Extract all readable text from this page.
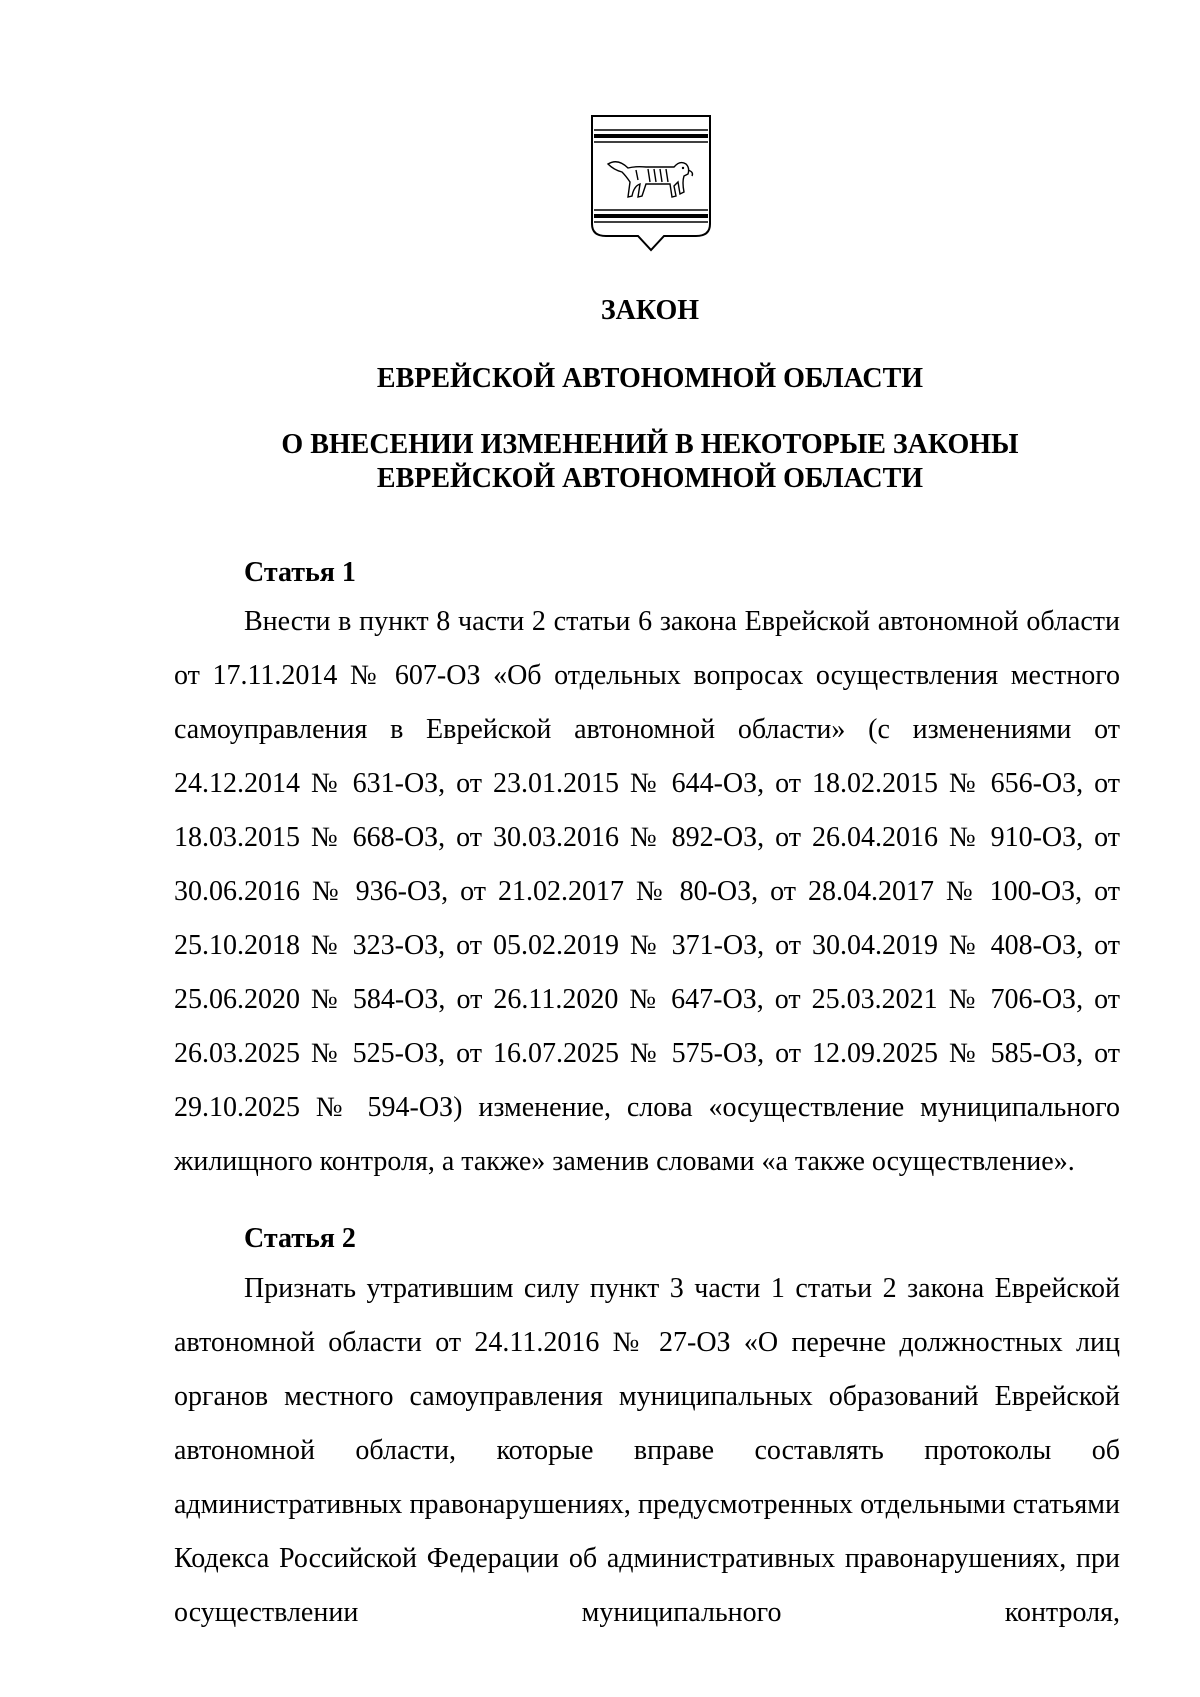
ЗАКОН
ЕВРЕЙСКОЙ АВТОНОМНОЙ ОБЛАСТИ
О ВНЕСЕНИИ ИЗМЕНЕНИЙ В НЕКОТОРЫЕ ЗАКОНЫ
ЕВРЕЙСКОЙ АВТОНОМНОЙ ОБЛАСТИ
Статья 1

Внести в пункт 8 части 2 статьи 6 закона Еврейской автономной области от 17.11.2014 № 607-ОЗ «Об отдельных вопросах осуществления местного самоуправления в Еврейской автономной области» (с изменениями от 24.12.2014 № 631-ОЗ, от 23.01.2015 № 644-ОЗ, от 18.02.2015 № 656-ОЗ, от 18.03.2015 № 668-ОЗ, от 30.03.2016 № 892-ОЗ, от 26.04.2016 № 910-ОЗ, от 30.06.2016 № 936-ОЗ, от 21.02.2017 № 80-ОЗ, от 28.04.2017 № 100-ОЗ, от 25.10.2018 № 323-ОЗ, от 05.02.2019 № 371-ОЗ, от 30.04.2019 № 408-ОЗ, от 25.06.2020 № 584-ОЗ, от 26.11.2020 № 647-ОЗ, от 25.03.2021 № 706-ОЗ, от 26.03.2025 № 525-ОЗ, от 16.07.2025 № 575-ОЗ, от 12.09.2025 № 585-ОЗ, от 29.10.2025 № 594-ОЗ) изменение, слова «осуществление муниципального жилищного контроля, а также» заменив словами «а также осуществление».

Статья 2

Признать утратившим силу пункт 3 части 1 статьи 2 закона Еврейской автономной области от 24.11.2016 № 27-ОЗ «О перечне должностных лиц органов местного самоуправления муниципальных образований Еврейской автономной области, которые вправе составлять протоколы об административных правонарушениях, предусмотренных отдельными статьями Кодекса Российской Федерации об административных правонарушениях, при осуществлении муниципального контроля,
